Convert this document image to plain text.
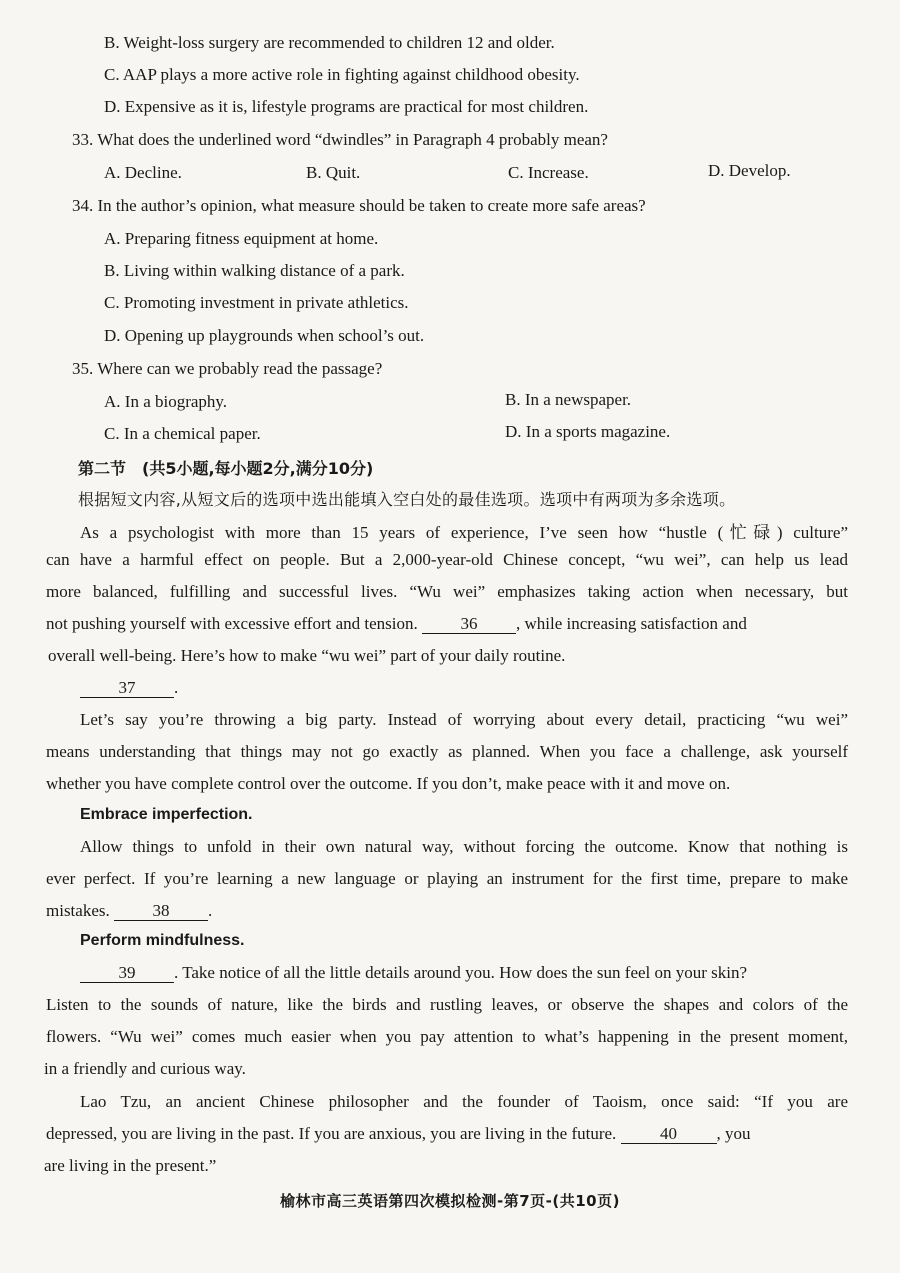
B. Weight-loss surgery are recommended to children 12 and older.
C. AAP plays a more active role in fighting against childhood obesity.
D. Expensive as it is, lifestyle programs are practical for most children.
33. What does the underlined word “dwindles” in Paragraph 4 probably mean?
A. Decline.	B. Quit.	C. Increase.	D. Develop.
34. In the author’s opinion, what measure should be taken to create more safe areas?
A. Preparing fitness equipment at home.
B. Living within walking distance of a park.
C. Promoting investment in private athletics.
D. Opening up playgrounds when school’s out.
35. Where can we probably read the passage?
A. In a biography.	B. In a newspaper.
C. In a chemical paper.	D. In a sports magazine.
第二节　(共5小题,每小题2分,满分10分)
根据短文内容,从短文后的选项中选出能填入空白处的最佳选项。选项中有两项为多余选项。
As a psychologist with more than 15 years of experience, I’ve seen how “hustle (忙碌) culture”
can have a harmful effect on people. But a 2,000-year-old Chinese concept, “wu wei”, can help us lead
more balanced, fulfilling and successful lives. “Wu wei” emphasizes taking action when necessary, but
not pushing yourself with excessive effort and tension.	36 , while increasing satisfaction and
overall well-being. Here’s how to make “wu wei” part of your daily routine.
37 .
Let’s say you’re throwing a big party. Instead of worrying about every detail, practicing “wu wei”
means understanding that things may not go exactly as planned. When you face a challenge, ask yourself
whether you have complete control over the outcome. If you don’t, make peace with it and move on.
Embrace imperfection.
Allow things to unfold in their own natural way, without forcing the outcome. Know that nothing is
ever perfect. If you’re learning a new language or playing an instrument for the first time, prepare to make
mistakes.	38 .
Perform mindfulness.
39 . Take notice of all the little details around you. How does the sun feel on your skin?
Listen to the sounds of nature, like the birds and rustling leaves, or observe the shapes and colors of the
flowers. “Wu wei” comes much easier when you pay attention to what’s happening in the present moment,
in a friendly and curious way.
Lao Tzu, an ancient Chinese philosopher and the founder of Taoism, once said: “If you are
depressed, you are living in the past. If you are anxious, you are living in the future.	40 , you
are living in the present.”
榆林市高三英语第四次模拟检测-第7页-(共10页)
